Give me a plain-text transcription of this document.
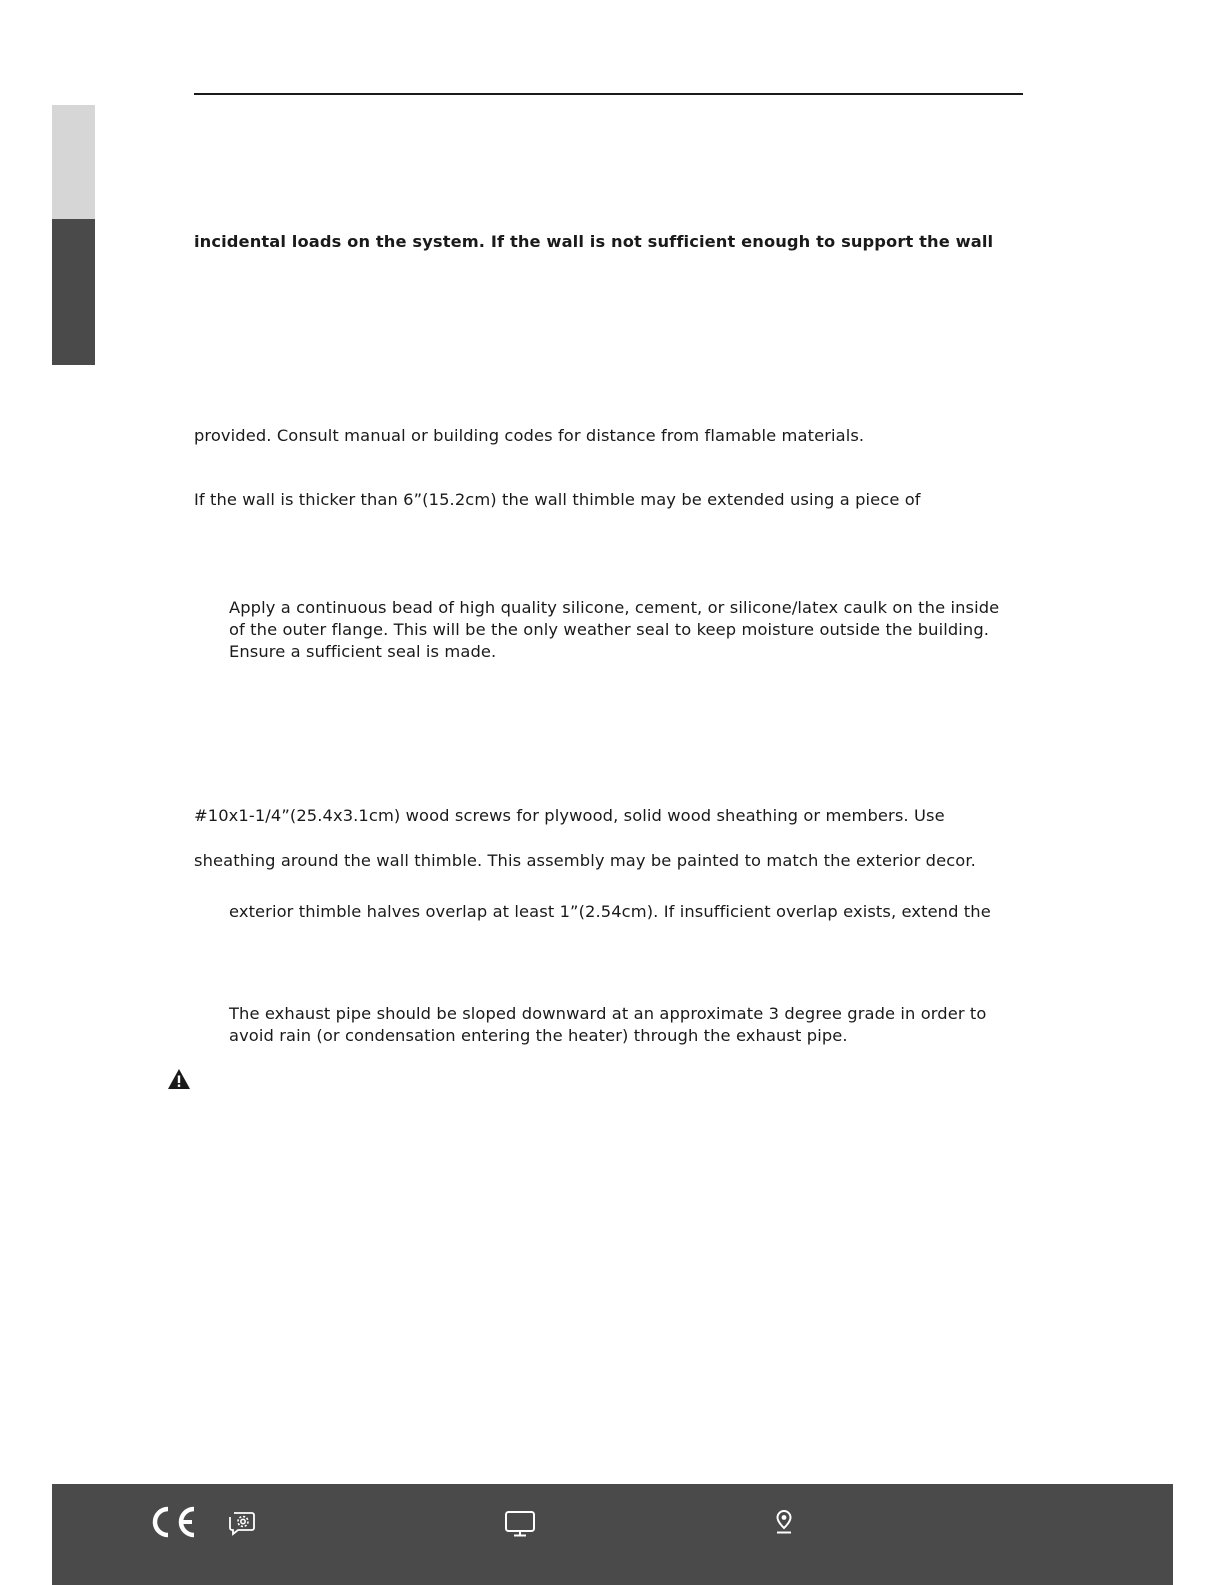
incidental loads on the system. If the wall is not sufficient enough to support the wall

provided. Consult manual or building codes for distance from flamable materials.

If the wall is thicker than 6”(15.2cm) the wall thimble may be extended using a piece of

Apply a continuous bead of high quality silicone, cement, or silicone/latex caulk on the inside of the outer flange. This will be the only weather seal to keep moisture outside the building. Ensure a sufficient seal is made.

#10x1-1/4”(25.4x3.1cm) wood screws for plywood, solid wood sheathing or members. Use

sheathing around the wall thimble. This assembly may be painted to match the exterior decor.

exterior thimble halves overlap at least 1”(2.54cm). If insufficient overlap exists, extend the

The exhaust pipe should be sloped downward at an approximate 3 degree grade in order to avoid rain (or condensation entering the heater) through the exhaust pipe.
